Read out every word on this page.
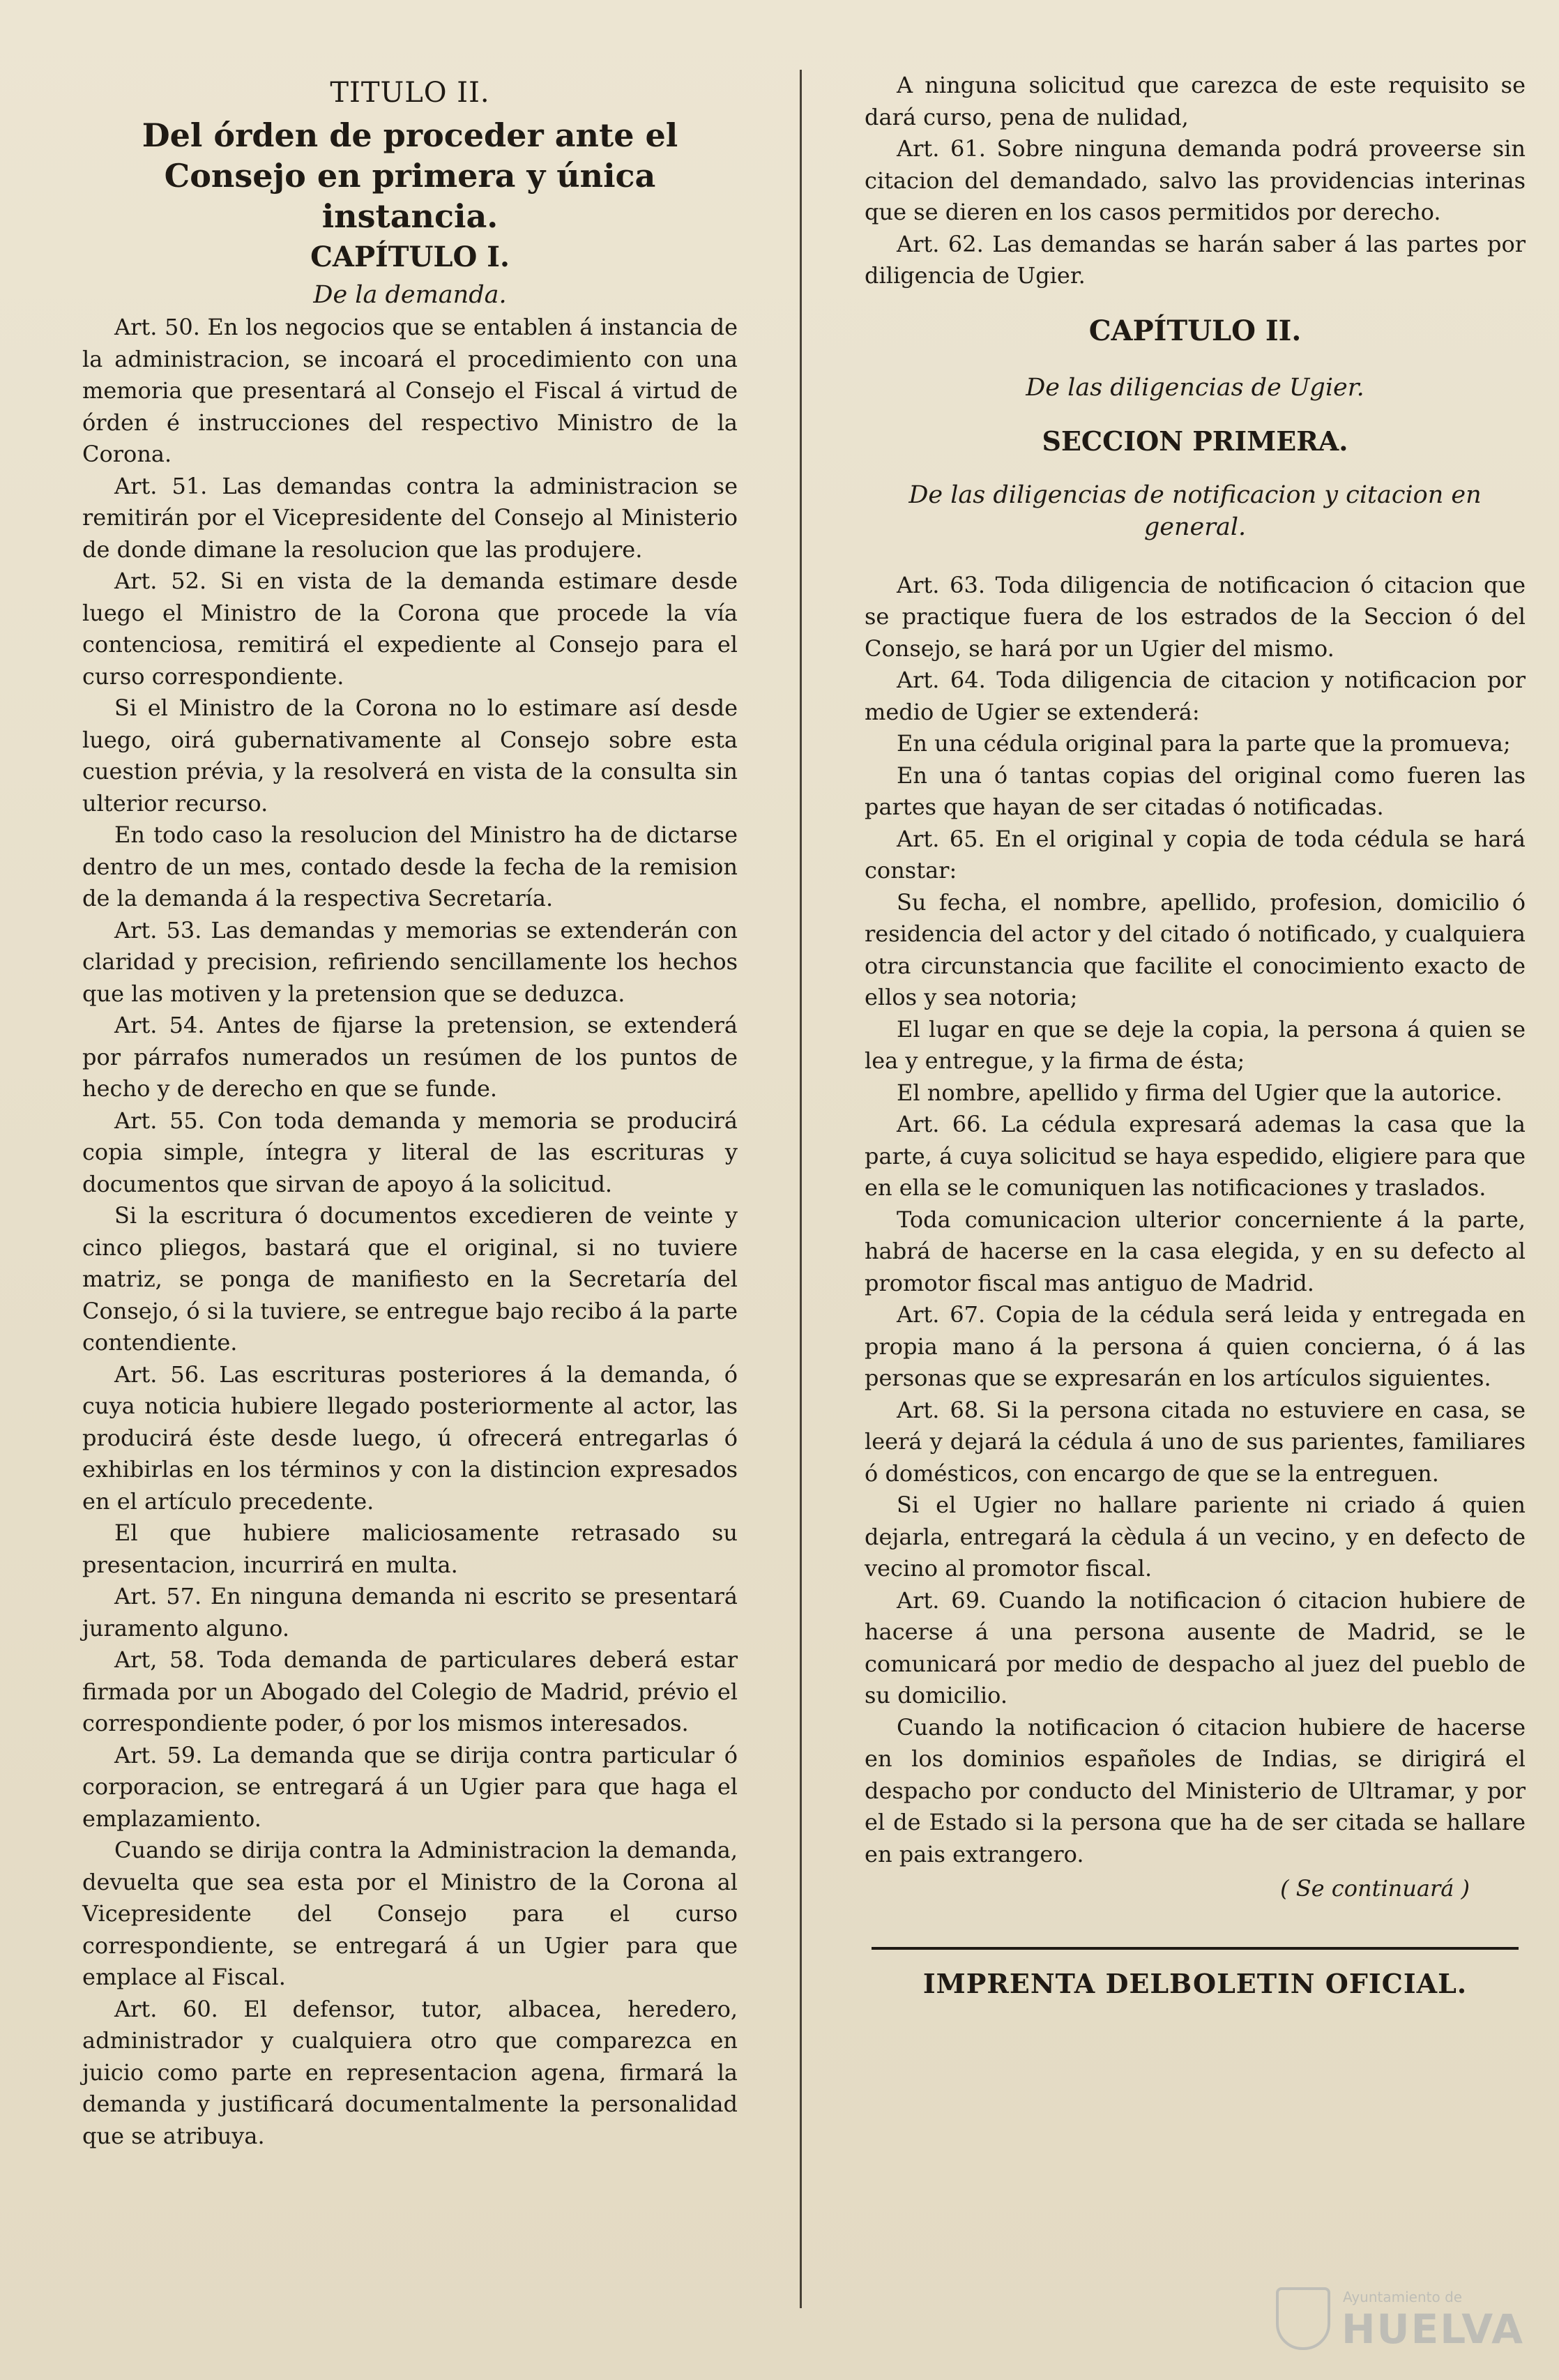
TITULO II.
Del órden de proceder ante el Consejo en primera y única instancia.
CAPÍTULO I.
De la demanda.

Art. 50. En los negocios que se entablen á instancia de la administracion, se incoará el procedimiento con una memoria que presentará al Consejo el Fiscal á virtud de órden é instrucciones del respectivo Ministro de la Corona.

Art. 51. Las demandas contra la administracion se remitirán por el Vicepresidente del Consejo al Ministerio de donde dimane la resolucion que las produjere.

Art. 52. Si en vista de la demanda estimare desde luego el Ministro de la Corona que procede la vía contenciosa, remitirá el expediente al Consejo para el curso correspondiente.

Si el Ministro de la Corona no lo estimare así desde luego, oirá gubernativamente al Consejo sobre esta cuestion prévia, y la resolverá en vista de la consulta sin ulterior recurso.

En todo caso la resolucion del Ministro ha de dictarse dentro de un mes, contado desde la fecha de la remision de la demanda á la respectiva Secretaría.

Art. 53. Las demandas y memorias se extenderán con claridad y precision, refiriendo sencillamente los hechos que las motiven y la pretension que se deduzca.

Art. 54. Antes de fijarse la pretension, se extenderá por párrafos numerados un resúmen de los puntos de hecho y de derecho en que se funde.

Art. 55. Con toda demanda y memoria se producirá copia simple, íntegra y literal de las escrituras y documentos que sirvan de apoyo á la solicitud.

Si la escritura ó documentos excedieren de veinte y cinco pliegos, bastará que el original, si no tuviere matriz, se ponga de manifiesto en la Secretaría del Consejo, ó si la tuviere, se entregue bajo recibo á la parte contendiente.

Art. 56. Las escrituras posteriores á la demanda, ó cuya noticia hubiere llegado posteriormente al actor, las producirá éste desde luego, ú ofrecerá entregarlas ó exhibirlas en los términos y con la distincion expresados en el artículo precedente.

El que hubiere maliciosamente retrasado su presentacion, incurrirá en multa.

Art. 57. En ninguna demanda ni escrito se presentará juramento alguno.

Art, 58. Toda demanda de particulares deberá estar firmada por un Abogado del Colegio de Madrid, prévio el correspondiente poder, ó por los mismos interesados.

Art. 59. La demanda que se dirija contra particular ó corporacion, se entregará á un Ugier para que haga el emplazamiento.

Cuando se dirija contra la Administracion la demanda, devuelta que sea esta por el Ministro de la Corona al Vicepresidente del Consejo para el curso correspondiente, se entregará á un Ugier para que emplace al Fiscal.

Art. 60. El defensor, tutor, albacea, heredero, administrador y cualquiera otro que comparezca en juicio como parte en representacion agena, firmará la demanda y justificará documentalmente la personalidad que se atribuya.

A ninguna solicitud que carezca de este requisito se dará curso, pena de nulidad,

Art. 61. Sobre ninguna demanda podrá proveerse sin citacion del demandado, salvo las providencias interinas que se dieren en los casos permitidos por derecho.

Art. 62. Las demandas se harán saber á las partes por diligencia de Ugier.

CAPÍTULO II.
De las diligencias de Ugier.
SECCION PRIMERA.
De las diligencias de notificacion y citacion en general.

Art. 63. Toda diligencia de notificacion ó citacion que se practique fuera de los estrados de la Seccion ó del Consejo, se hará por un Ugier del mismo.

Art. 64. Toda diligencia de citacion y notificacion por medio de Ugier se extenderá:

En una cédula original para la parte que la promueva;

En una ó tantas copias del original como fueren las partes que hayan de ser citadas ó notificadas.

Art. 65. En el original y copia de toda cédula se hará constar:

Su fecha, el nombre, apellido, profesion, domicilio ó residencia del actor y del citado ó notificado, y cualquiera otra circunstancia que facilite el conocimiento exacto de ellos y sea notoria;

El lugar en que se deje la copia, la persona á quien se lea y entregue, y la firma de ésta;

El nombre, apellido y firma del Ugier que la autorice.

Art. 66. La cédula expresará ademas la casa que la parte, á cuya solicitud se haya espedido, eligiere para que en ella se le comuniquen las notificaciones y traslados.

Toda comunicacion ulterior concerniente á la parte, habrá de hacerse en la casa elegida, y en su defecto al promotor fiscal mas antiguo de Madrid.

Art. 67. Copia de la cédula será leida y entregada en propia mano á la persona á quien concierna, ó á las personas que se expresarán en los artículos siguientes.

Art. 68. Si la persona citada no estuviere en casa, se leerá y dejará la cédula á uno de sus parientes, familiares ó domésticos, con encargo de que se la entreguen.

Si el Ugier no hallare pariente ni criado á quien dejarla, entregará la cèdula á un vecino, y en defecto de vecino al promotor fiscal.

Art. 69. Cuando la notificacion ó citacion hubiere de hacerse á una persona ausente de Madrid, se le comunicará por medio de despacho al juez del pueblo de su domicilio.

Cuando la notificacion ó citacion hubiere de hacerse en los dominios españoles de Indias, se dirigirá el despacho por conducto del Ministerio de Ultramar, y por el de Estado si la persona que ha de ser citada se hallare en pais extrangero.

( Se continuará )

IMPRENTA DELBOLETIN OFICIAL.

Ayuntamiento de
HUELVA
